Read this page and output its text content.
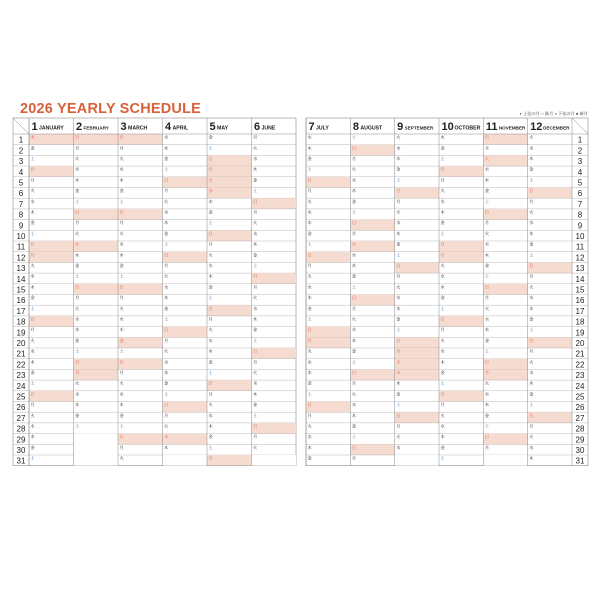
2026 YEARLY SCHEDULE	◐ 上弦の月 ○ 満月 ◑ 下弦の月 ● 新月
1 JANUARY
木
金
土
日
月
火
水
木
金
土
日
月
火
水
木
金
土
日
月
火
水
木
金
土
日
月
火
水
木
金
土
2 FEBRUARY
日
月
火
水
木
金
土
日
月
火
水
木
金
土
日
月
火
水
木
金
土
日
月
火
水
木
金
土
3 MARCH
日
月
火
水
木
金
土
日
月
火
水
木
金
土
日
月
火
水
木
金
土
日
月
火
水
木
金
土
日
月
火
4 APRIL
水
木
金
土
日
月
火
水
木
金
土
日
月
火
水
木
金
土
日
月
火
水
木
金
土
日
月
火
水
木
5 MAY
金
土
日
月
火
水
木
金
土
日
月
火
水
木
金
土
日
月
火
水
木
金
土
日
月
火
水
木
金
土
日
6 JUNE
月
火
水
木
金
土
日
月
火
水
木
金
土
日
月
火
水
木
金
土
日
月
火
水
木
金
土
日
月
火
1
2
3
4
5
6
7
8
9
10
11
12
13
14
15
16
17
18
19
20
21
22
23
24
25
26
27
28
29
30
31
7 JULY
水
木
金
土
日
月
火
水
木
金
土
日
月
火
水
木
金
土
日
月
火
水
木
金
土
日
月
火
水
木
金
8 AUGUST
土
日
月
火
水
木
金
土
日
月
火
水
木
金
土
日
月
火
水
木
金
土
日
月
火
水
木
金
土
日
月
9 SEPTEMBER
火
水
木
金
土
日
月
火
水
木
金
土
日
月
火
水
木
金
土
日
月
火
水
木
金
土
日
月
火
水
10 OCTOBER
木
金
土
日
月
火
水
木
金
土
日
月
火
水
木
金
土
日
月
火
水
木
金
土
日
月
火
水
木
金
土
11 NOVEMBER
日
月
火
水
木
金
土
日
月
火
水
木
金
土
日
月
火
水
木
金
土
日
月
火
水
木
金
土
日
月
12 DECEMBER
火
水
木
金
土
日
月
火
水
木
金
土
日
月
火
水
木
金
土
日
月
火
水
木
金
土
日
月
火
水
木
1
2
3
4
5
6
7
8
9
10
11
12
13
14
15
16
17
18
19
20
21
22
23
24
25
26
27
28
29
30
31
